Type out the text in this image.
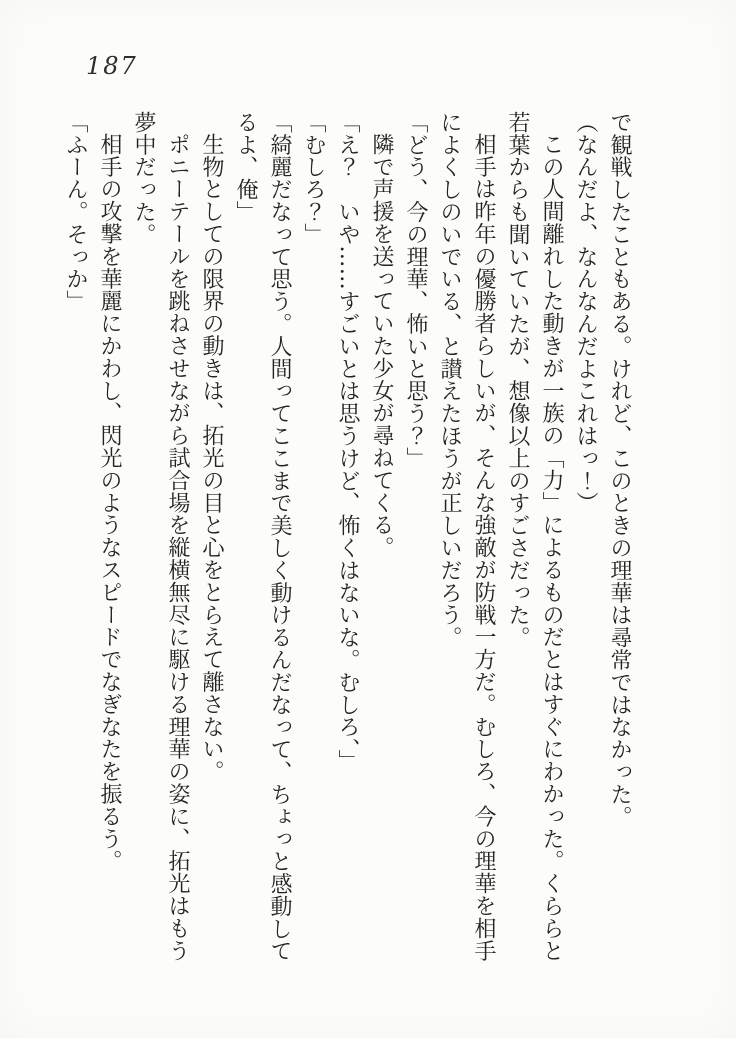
187

で観戦したこともある。けれど、このときの理華は尋常ではなかった。

（なんだよ、なんなんだよこれはっ！）

この人間離れした動きが一族の「力」によるものだとはすぐにわかった。くららと

若葉からも聞いていたが、想像以上のすごさだった。

相手は昨年の優勝者らしいが、そんな強敵が防戦一方だ。むしろ、今の理華を相手

によくしのいでいる、と讃えたほうが正しいだろう。

「どう、今の理華、怖いと思う？」

隣で声援を送っていた少女が尋ねてくる。

「え？　いや……すごいとは思うけど、怖くはないな。むしろ、」

「むしろ？」

「綺麗だなって思う。人間ってここまで美しく動けるんだなって、ちょっと感動して

るよ、俺」

生物としての限界の動きは、拓光の目と心をとらえて離さない。

ポニーテールを跳ねさせながら試合場を縦横無尽に駆ける理華の姿に、拓光はもう

夢中だった。

相手の攻撃を華麗にかわし、閃光のようなスピードでなぎなたを振るう。

「ふーん。そっか」
